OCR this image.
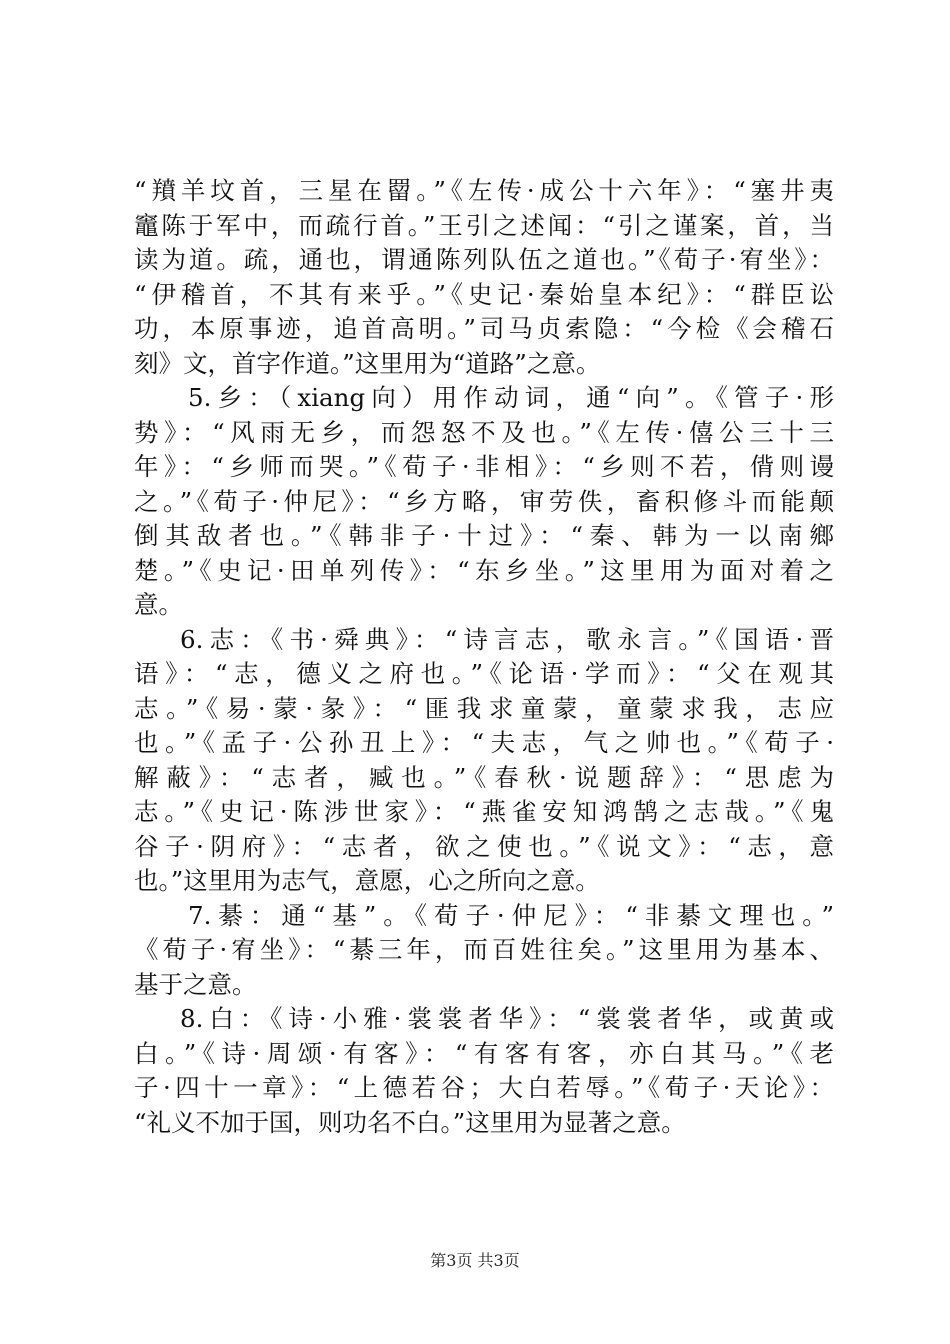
“羵羊坟首，三星在罶。”《左传·成公十六年》：“塞井夷
竈陈于军中，而疏行首。”王引之述闻：“引之谨案，首，当
读为道。疏，通也，谓通陈列队伍之道也。”《荀子·宥坐》：
“伊稽首，不其有来乎。”《史记·秦始皇本纪》：“群臣讼
功，本原事迹，追首高明。”司马贞索隐：“今检《会稽石
刻》文，首字作道。”这里用为“道路”之意。
5.乡：（xiang向）用作动词，通“向”。《管子·形
势》：“风雨无乡，而怨怒不及也。”《左传·僖公三十三
年》：“乡师而哭。”《荀子·非相》：“乡则不若，偝则谩
之。”《荀子·仲尼》：“乡方略，审劳佚，畜积修斗而能颠
倒其敌者也。”《韩非子·十过》：“秦、韩为一以南鄉
楚。”《史记·田单列传》：“东乡坐。”这里用为面对着之
意。
6.志：《书·舜典》：“诗言志，歌永言。”《国语·晋
语》：“志，德义之府也。”《论语·学而》：“父在观其
志。”《易·蒙·彖》：“匪我求童蒙，童蒙求我，志应
也。”《孟子·公孙丑上》：“夫志，气之帅也。”《荀子·
解蔽》：“志者，臧也。”《春秋·说题辞》：“思虑为
志。”《史记·陈涉世家》：“燕雀安知鸿鹄之志哉。”《鬼
谷子·阴府》：“志者，欲之使也。”《说文》：“志，意
也。”这里用为志气，意愿，心之所向之意。
7.綦：通“基”。《荀子·仲尼》：“非綦文理也。”
《荀子·宥坐》：“綦三年，而百姓往矣。”这里用为基本、
基于之意。
8.白：《诗·小雅·裳裳者华》：“裳裳者华，或黄或
白。”《诗·周颂·有客》：“有客有客，亦白其马。”《老
子·四十一章》：“上德若谷；大白若辱。”《荀子·天论》：
“礼义不加于国，则功名不白。”这里用为显著之意。
第3页 共3页
